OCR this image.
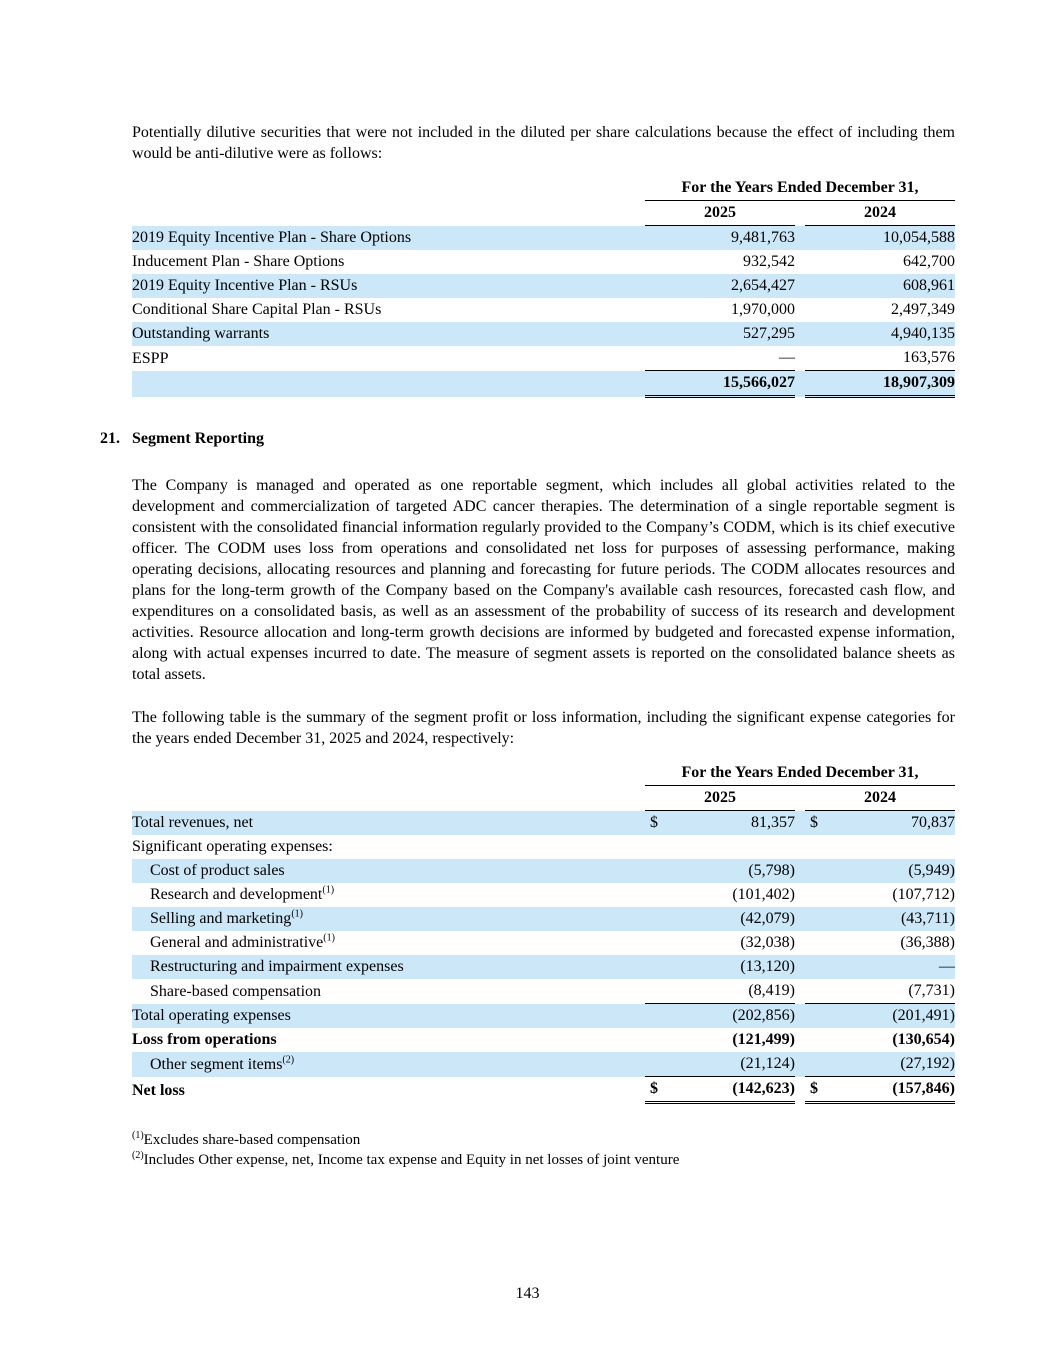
Potentially dilutive securities that were not included in the diluted per share calculations because the effect of including them would be anti-dilutive were as follows:

	For the Years Ended December 31,		
	2025		2024
2019 Equity Incentive Plan - Share Options	9,481,763		10,054,588
Inducement Plan - Share Options	932,542		642,700
2019 Equity Incentive Plan - RSUs	2,654,427		608,961
Conditional Share Capital Plan - RSUs	1,970,000		2,497,349
Outstanding warrants	527,295		4,940,135
ESPP	—		163,576
	15,566,027		18,907,309
21. Segment Reporting

The Company is managed and operated as one reportable segment, which includes all global activities related to the development and commercialization of targeted ADC cancer therapies. The determination of a single reportable segment is consistent with the consolidated financial information regularly provided to the Company’s CODM, which is its chief executive officer. The CODM uses loss from operations and consolidated net loss for purposes of assessing performance, making operating decisions, allocating resources and planning and forecasting for future periods. The CODM allocates resources and plans for the long-term growth of the Company based on the Company's available cash resources, forecasted cash flow, and expenditures on a consolidated basis, as well as an assessment of the probability of success of its research and development activities. Resource allocation and long-term growth decisions are informed by budgeted and forecasted expense information, along with actual expenses incurred to date. The measure of segment assets is reported on the consolidated balance sheets as total assets.

The following table is the summary of the segment profit or loss information, including the significant expense categories for the years ended December 31, 2025 and 2024, respectively:

	For the Years Ended December 31,		
	2025		2024
Total revenues, net	$ 81,357		$ 70,837

Significant operating expenses:			
Cost of product sales	(5,798)		(5,949)
Research and development$^{(1)}$	(101,402)		(107,712)
Selling and marketing$^{(1)}$	(42,079)		(43,711)
General and administrative$^{(1)}$	(32,038)		(36,388)
Restructuring and impairment expenses	(13,120)		—
Share-based compensation	(8,419)		(7,731)
Total operating expenses	(202,856)		(201,491)
Loss from operations	(121,499)		(130,654)
Other segment items$^{(2)}$	(21,124)		(27,192)
Net loss	$ (142,623)		$ (157,846)
$^{(1)}$Excludes share-based compensation
$^{(2)}$Includes Other expense, net, Income tax expense and Equity in net losses of joint venture
143
